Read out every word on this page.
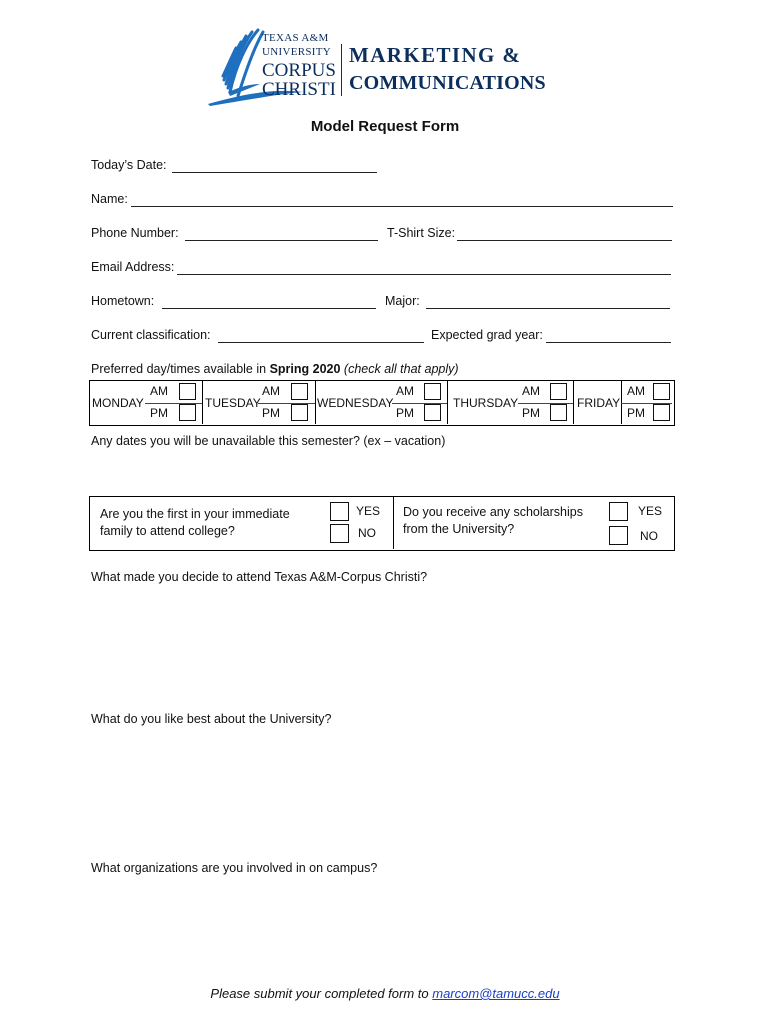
TEXAS A&M
UNIVERSITY
CORPUS
CHRISTI
MARKETING &
COMMUNICATIONS
Model Request Form
Today’s Date:
Name:
Phone Number:	T-Shirt Size:
Email Address:
Hometown:	Major:
Current classification:	Expected grad year:
Preferred day/times available in Spring 2020 (check all that apply)
MONDAY
AM
PM
TUESDAY
AM
PM
WEDNESDAY
AM
PM
THURSDAY
AM
PM
FRIDAY
AM
PM
Any dates you will be unavailable this semester? (ex – vacation)
Are you the first in your immediate
family to attend college?
YES
NO
Do you receive any scholarships
from the University?
YES
NO
What made you decide to attend Texas A&M-Corpus Christi?
What do you like best about the University?
What organizations are you involved in on campus?
Please submit your completed form to marcom@tamucc.edu
